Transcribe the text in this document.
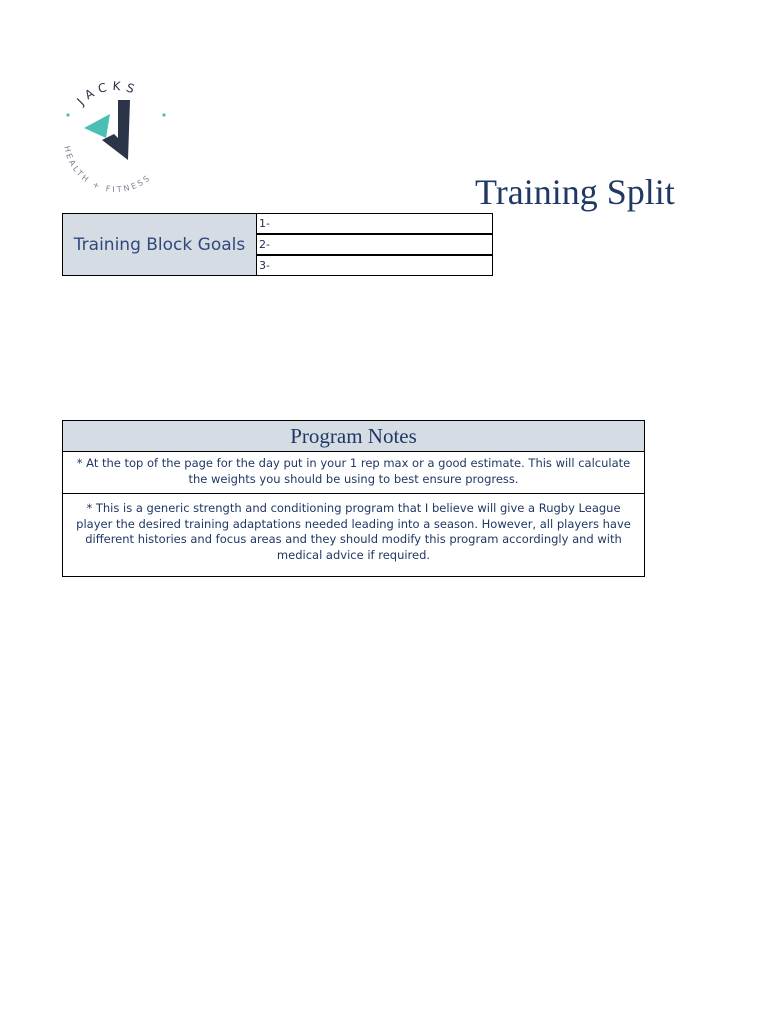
JACKS
HEALTH + FITNESS	Training Split
Training Block Goals
1-
2-
3-
Program Notes
* At the top of the page for the day put in your 1 rep max or a good estimate. This will calculate the weights you should be using to best ensure progress.
* This is a generic strength and conditioning program that I believe will give a Rugby League player the desired training adaptations needed leading into a season. However, all players have different histories and focus areas and they should modify this program accordingly and with medical advice if required.
